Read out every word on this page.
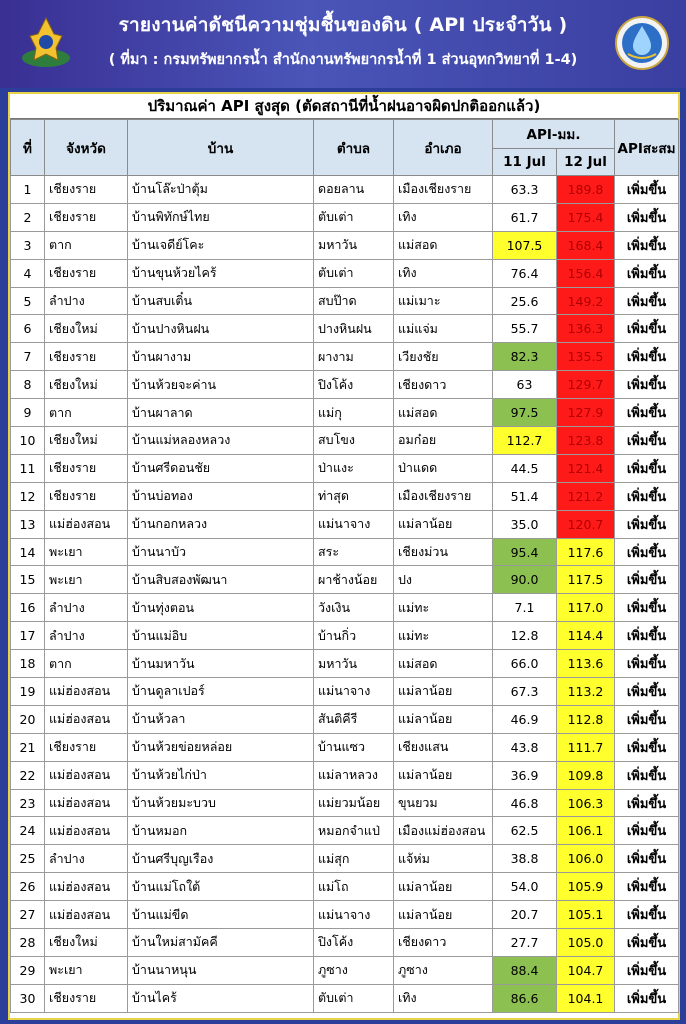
รายงานค่าดัชนีความชุ่มชื้นของดิน ( API ประจำวัน )
( ที่มา : กรมทรัพยากรน้ำ สำนักงานทรัพยากรน้ำที่ 1 ส่วนอุทกวิทยาที่ 1-4)
ปริมาณค่า API สูงสุด (ตัดสถานีที่น้ำฝนอาจผิดปกติออกแล้ว)
ที่	จังหวัด	บ้าน	ตำบล	อำเภอ	API-มม.		APIสะสม
					11 Jul	12 Jul	
1	เชียงราย	บ้านโล๊ะป่าตุ้ม	ดอยลาน	เมืองเชียงราย	63.3	189.8	เพิ่มขึ้น
2	เชียงราย	บ้านพิทักษ์ไทย	ตับเต่า	เทิง	61.7	175.4	เพิ่มขึ้น
3	ตาก	บ้านเจดีย์โคะ	มหาวัน	แม่สอด	107.5	168.4	เพิ่มขึ้น
4	เชียงราย	บ้านขุนห้วยไคร้	ตับเต่า	เทิง	76.4	156.4	เพิ่มขึ้น
5	ลำปาง	บ้านสบเติ๋น	สบป๊าด	แม่เมาะ	25.6	149.2	เพิ่มขึ้น
6	เชียงใหม่	บ้านปางหินฝน	ปางหินฝน	แม่แจ่ม	55.7	136.3	เพิ่มขึ้น
7	เชียงราย	บ้านผางาม	ผางาม	เวียงชัย	82.3	135.5	เพิ่มขึ้น
8	เชียงใหม่	บ้านห้วยจะค่าน	ปิงโค้ง	เชียงดาว	63	129.7	เพิ่มขึ้น
9	ตาก	บ้านผาลาด	แม่กุ	แม่สอด	97.5	127.9	เพิ่มขึ้น
10	เชียงใหม่	บ้านแม่หลองหลวง	สบโขง	อมก๋อย	112.7	123.8	เพิ่มขึ้น
11	เชียงราย	บ้านศรีดอนชัย	ป่าแงะ	ป่าแดด	44.5	121.4	เพิ่มขึ้น
12	เชียงราย	บ้านบ่อทอง	ท่าสุด	เมืองเชียงราย	51.4	121.2	เพิ่มขึ้น
13	แม่ฮ่องสอน	บ้านกอกหลวง	แม่นาจาง	แม่ลาน้อย	35.0	120.7	เพิ่มขึ้น
14	พะเยา	บ้านนาบัว	สระ	เชียงม่วน	95.4	117.6	เพิ่มขึ้น
15	พะเยา	บ้านสิบสองพัฒนา	ผาช้างน้อย	ปง	90.0	117.5	เพิ่มขึ้น
16	ลำปาง	บ้านทุ่งตอน	วังเงิน	แม่ทะ	7.1	117.0	เพิ่มขึ้น
17	ลำปาง	บ้านแม่อิบ	บ้านกิ่ว	แม่ทะ	12.8	114.4	เพิ่มขึ้น
18	ตาก	บ้านมหาวัน	มหาวัน	แม่สอด	66.0	113.6	เพิ่มขึ้น
19	แม่ฮ่องสอน	บ้านดูลาเปอร์	แม่นาจาง	แม่ลาน้อย	67.3	113.2	เพิ่มขึ้น
20	แม่ฮ่องสอน	บ้านห้วลา	สันติคีรี	แม่ลาน้อย	46.9	112.8	เพิ่มขึ้น
21	เชียงราย	บ้านห้วยข่อยหล่อย	บ้านแซว	เชียงแสน	43.8	111.7	เพิ่มขึ้น
22	แม่ฮ่องสอน	บ้านห้วยไก่ป่า	แม่ลาหลวง	แม่ลาน้อย	36.9	109.8	เพิ่มขึ้น
23	แม่ฮ่องสอน	บ้านห้วยมะบวบ	แม่ยวมน้อย	ขุนยวม	46.8	106.3	เพิ่มขึ้น
24	แม่ฮ่องสอน	บ้านหมอก	หมอกจำแป่	เมืองแม่ฮ่องสอน	62.5	106.1	เพิ่มขึ้น
25	ลำปาง	บ้านศรีบุญเรือง	แม่สุก	แจ้ห่ม	38.8	106.0	เพิ่มขึ้น
26	แม่ฮ่องสอน	บ้านแม่โถใต้	แม่โถ	แม่ลาน้อย	54.0	105.9	เพิ่มขึ้น
27	แม่ฮ่องสอน	บ้านแม่ขีด	แม่นาจาง	แม่ลาน้อย	20.7	105.1	เพิ่มขึ้น
28	เชียงใหม่	บ้านใหม่สามัคคี	ปิงโค้ง	เชียงดาว	27.7	105.0	เพิ่มขึ้น
29	พะเยา	บ้านนาหนุน	ภูซาง	ภูซาง	88.4	104.7	เพิ่มขึ้น
30	เชียงราย	บ้านไคร้	ตับเต่า	เทิง	86.6	104.1	เพิ่มขึ้น
